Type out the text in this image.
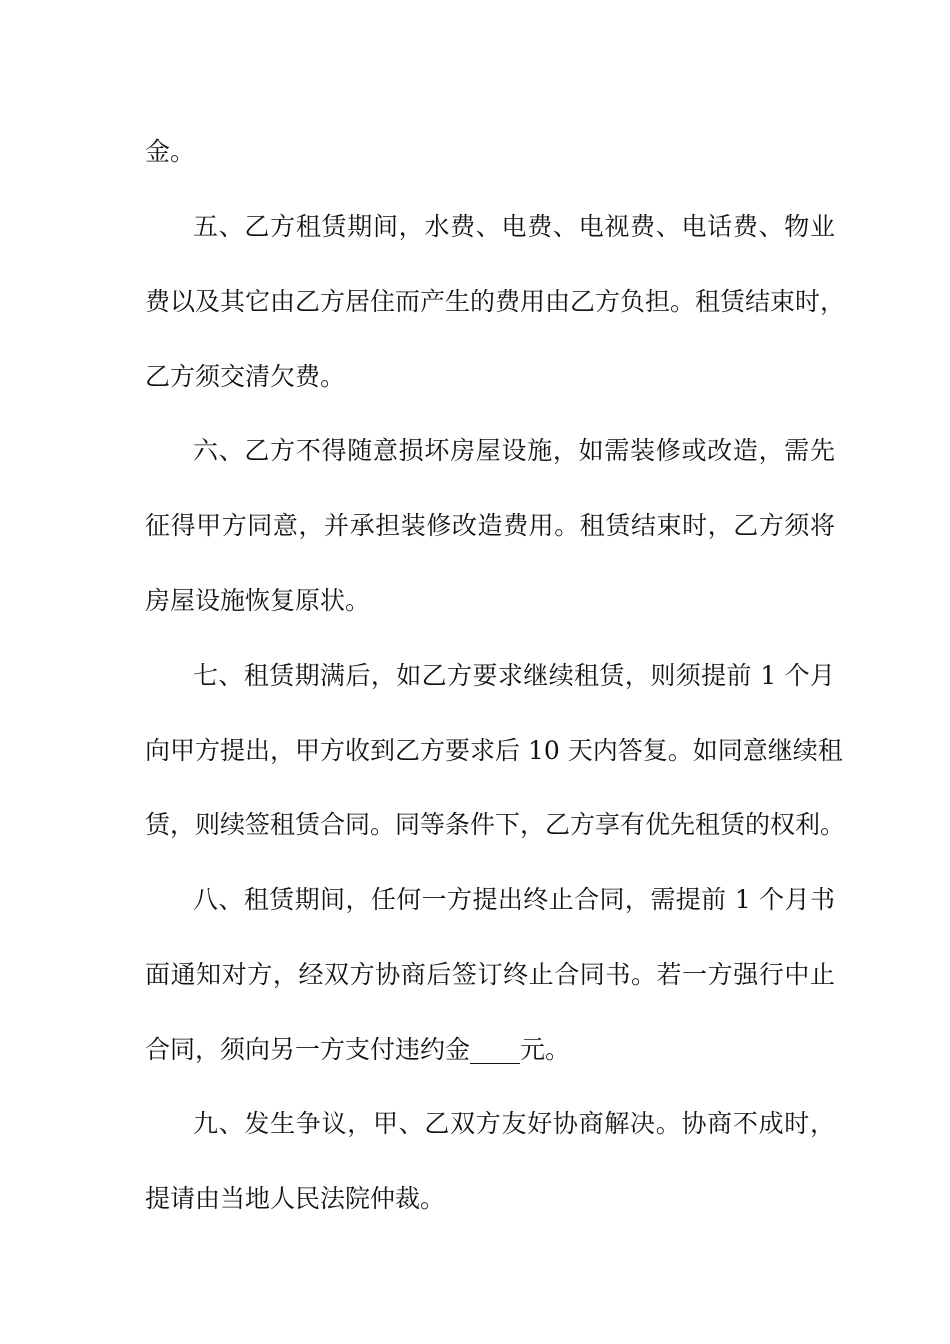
金。
五、乙方租赁期间，水费、电费、电视费、电话费、物业
费以及其它由乙方居住而产生的费用由乙方负担。租赁结束时，
乙方须交清欠费。
六、乙方不得随意损坏房屋设施，如需装修或改造，需先
征得甲方同意，并承担装修改造费用。租赁结束时，乙方须将
房屋设施恢复原状。
七、租赁期满后，如乙方要求继续租赁，则须提前 1 个月
向甲方提出，甲方收到乙方要求后 10 天内答复。如同意继续租
赁，则续签租赁合同。同等条件下，乙方享有优先租赁的权利。
八、租赁期间，任何一方提出终止合同，需提前 1 个月书
面通知对方，经双方协商后签订终止合同书。若一方强行中止
合同，须向另一方支付违约金____元。
九、发生争议，甲、乙双方友好协商解决。协商不成时，
提请由当地人民法院仲裁。
